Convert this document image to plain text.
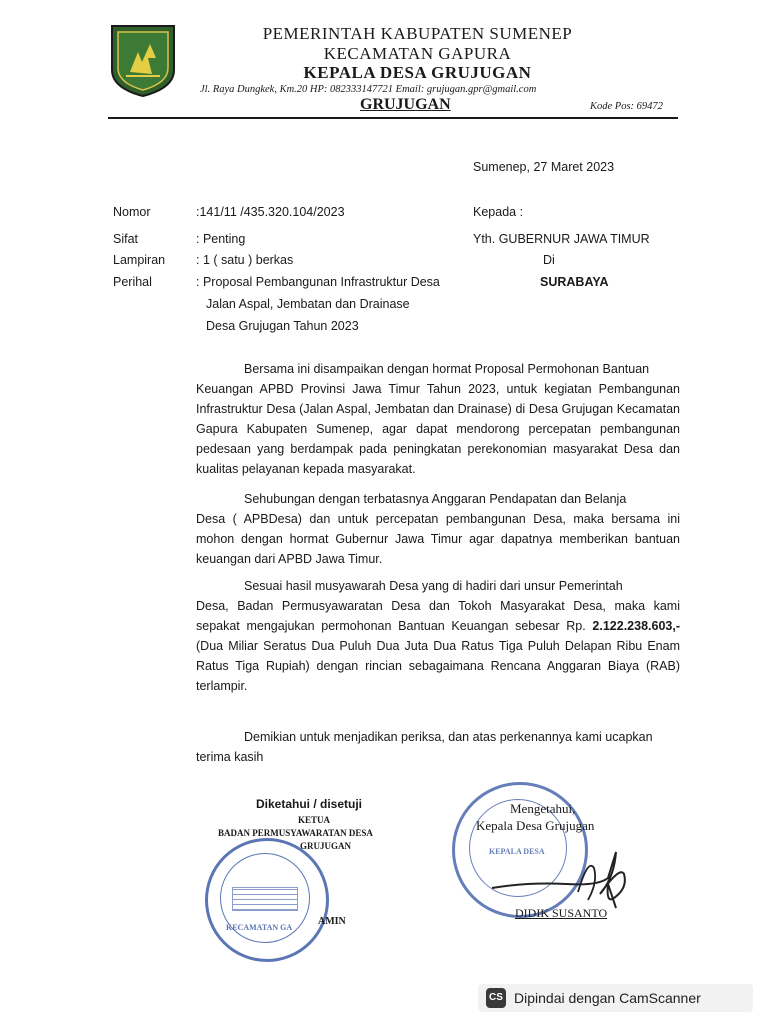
PEMERINTAH KABUPATEN SUMENEP
KECAMATAN GAPURA
KEPALA DESA GRUJUGAN
Jl. Raya Dungkek, Km.20 HP: 082333147721 Email: grujugan.gpr@gmail.com
GRUJUGAN	Kode Pos: 69472
Sumenep, 27 Maret 2023
Nomor	:141/11 /435.320.104/2023
Sifat	: Penting
Lampiran : 1 ( satu ) berkas
Perihal	: Proposal Pembangunan Infrastruktur Desa
Jalan Aspal, Jembatan dan Drainase
Desa Grujugan Tahun 2023
Kepada :
Yth. GUBERNUR JAWA TIMUR
Di
SURABAYA
Bersama ini disampaikan dengan hormat Proposal Permohonan Bantuan
Keuangan APBD Provinsi Jawa Timur Tahun 2023, untuk kegiatan Pembangunan Infrastruktur Desa (Jalan Aspal, Jembatan dan Drainase) di Desa Grujugan Kecamatan Gapura Kabupaten Sumenep, agar dapat mendorong percepatan pembangunan pedesaan yang berdampak pada peningkatan perekonomian masyarakat Desa dan kualitas pelayanan kepada masyarakat.
Sehubungan dengan terbatasnya Anggaran Pendapatan dan Belanja
Desa ( APBDesa) dan untuk percepatan pembangunan Desa, maka bersama ini mohon dengan hormat Gubernur Jawa Timur agar dapatnya memberikan bantuan keuangan dari APBD Jawa Timur.
Sesuai hasil musyawarah Desa yang di hadiri dari unsur Pemerintah
Desa, Badan Permusyawaratan Desa dan Tokoh Masyarakat Desa, maka kami sepakat mengajukan permohonan Bantuan Keuangan sebesar Rp. 2.122.238.603,- (Dua Miliar Seratus Dua Puluh Dua Juta Dua Ratus Tiga Puluh Delapan Ribu Enam Ratus Tiga Rupiah) dengan rincian sebagaimana Rencana Anggaran Biaya (RAB) terlampir.
Demikian untuk menjadikan periksa, dan atas perkenannya kami ucapkan
terima kasih
Diketahui / disetuji
KETUA
BADAN PERMUSYAWARATAN DESA
GRUJUGAN
KECAMATAN GA
AMIN
KEPALA DESA
Mengetahui,
Kepala Desa Grujugan
DIDIK SUSANTO
CS Dipindai dengan CamScanner
